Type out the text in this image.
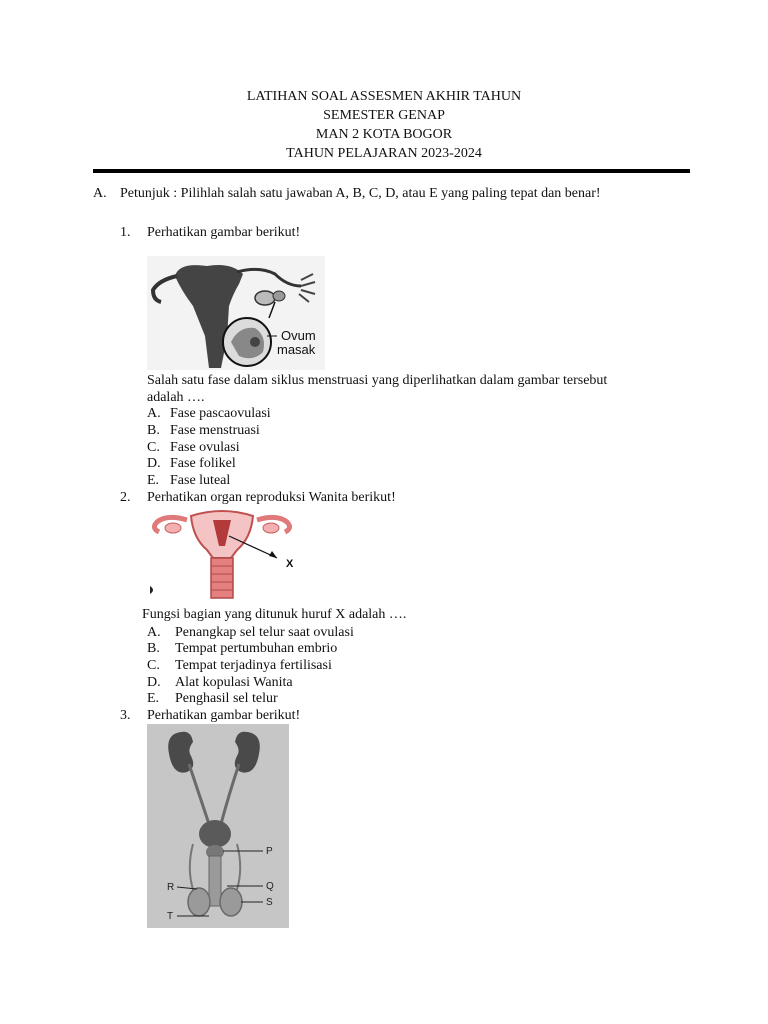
LATIHAN SOAL ASSESMEN AKHIR TAHUN
SEMESTER GENAP
MAN 2 KOTA BOGOR
TAHUN PELAJARAN 2023-2024
A. Petunjuk : Pilihlah salah satu jawaban A, B, C, D, atau E yang paling tepat dan benar!
1. Perhatikan gambar berikut!
Ovum
masak
Salah satu fase dalam siklus menstruasi yang diperlihatkan dalam gambar tersebut
adalah ….
A. Fase pascaovulasi
B. Fase menstruasi
C. Fase ovulasi
D. Fase folikel
E. Fase luteal
2. Perhatikan organ reproduksi Wanita berikut!
X
Fungsi bagian yang ditunuk huruf X adalah ….
A. Penangkap sel telur saat ovulasi
B. Tempat pertumbuhan embrio
C. Tempat terjadinya fertilisasi
D. Alat kopulasi Wanita
E. Penghasil sel telur
3. Perhatikan gambar berikut!
P
Q
R
S
T
